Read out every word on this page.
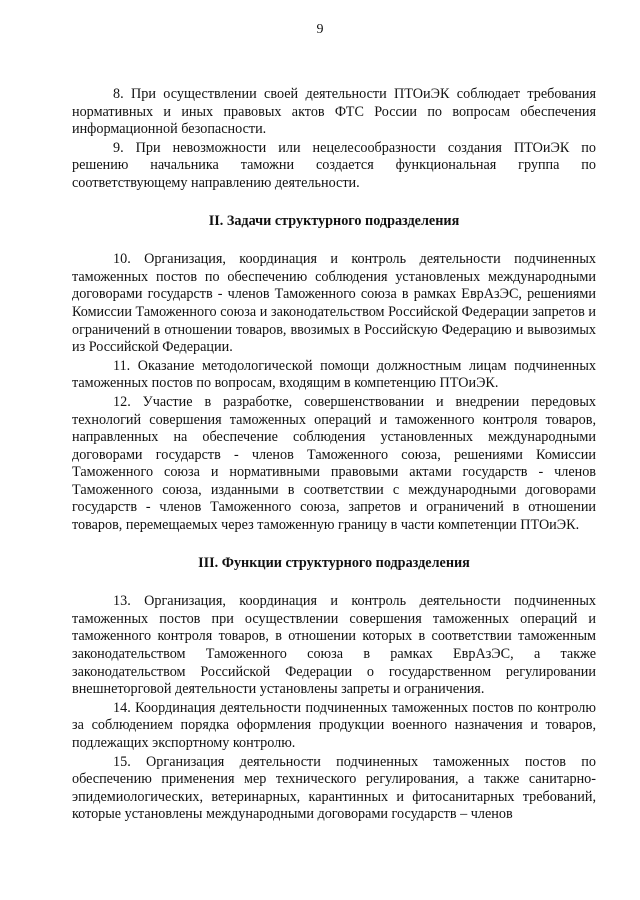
9

8. При осуществлении своей деятельности ПТОиЭК соблюдает требования нормативных и иных правовых актов ФТС России по вопросам обеспечения информационной безопасности.

9. При невозможности или нецелесообразности создания ПТОиЭК по решению начальника таможни создается функциональная группа по соответствующему направлению деятельности.

II. Задачи структурного подразделения

10. Организация, координация и контроль деятельности подчиненных таможенных постов по обеспечению соблюдения установленых международными договорами государств - членов Таможенного союза в рамках ЕврАзЭС, решениями Комиссии Таможенного союза и законодательством Российской Федерации запретов и ограничений в отношении товаров, ввозимых в Российскую Федерацию и вывозимых из Российской Федерации.

11. Оказание методологической помощи должностным лицам подчиненных таможенных постов по вопросам, входящим в компетенцию ПТОиЭК.

12. Участие в разработке, совершенствовании и внедрении передовых технологий совершения таможенных операций и таможенного контроля товаров, направленных на обеспечение соблюдения установленных международными договорами государств - членов Таможенного союза, решениями Комиссии Таможенного союза и нормативными правовыми актами государств - членов Таможенного союза, изданными в соответствии с международными договорами государств - членов Таможенного союза, запретов и ограничений в отношении товаров, перемещаемых через таможенную границу в части компетенции ПТОиЭК.

III. Функции структурного подразделения

13. Организация, координация и контроль деятельности подчиненных таможенных постов при осуществлении совершения таможенных операций и таможенного контроля товаров, в отношении которых в соответствии таможенным законодательством Таможенного союза в рамках ЕврАзЭС, а также законодательством Российской Федерации о государственном регулировании внешнеторговой деятельности установлены запреты и ограничения.

14. Координация деятельности подчиненных таможенных постов по контролю за соблюдением порядка оформления продукции военного назначения и товаров, подлежащих экспортному контролю.

15. Организация деятельности подчиненных таможенных постов по обеспечению применения мер технического регулирования, а также санитарно-эпидемиологических, ветеринарных, карантинных и фитосанитарных требований, которые установлены международными договорами государств – членов
